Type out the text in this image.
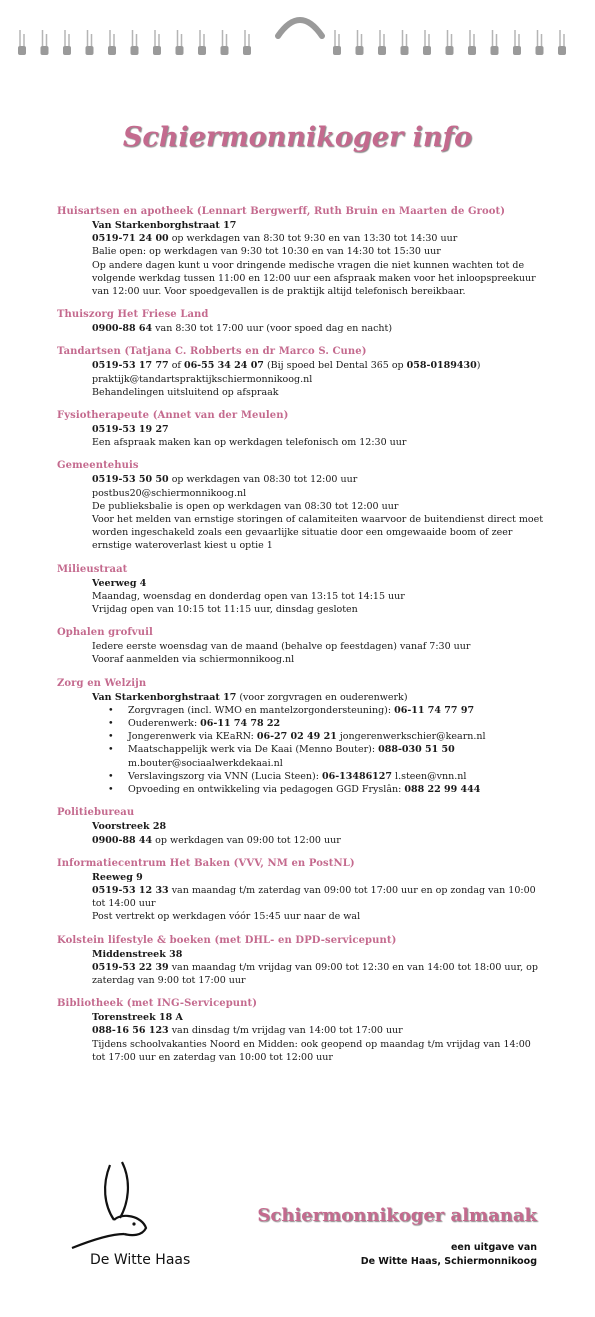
Schiermonnikoger info
Huisartsen en apotheek (Lennart Bergwerff, Ruth Bruin en Maarten de Groot)
Van Starkenborghstraat 17
0519-71 24 00 op werkdagen van 8:30 tot 9:30 en van 13:30 tot 14:30 uur
Balie open: op werkdagen van 9:30 tot 10:30 en van 14:30 tot 15:30 uur
Op andere dagen kunt u voor dringende medische vragen die niet kunnen wachten tot de volgende werkdag tussen 11:00 en 12:00 uur een afspraak maken voor het inloopspreekuur van 12:00 uur. Voor spoedgevallen is de praktijk altijd telefonisch bereikbaar.
Thuiszorg Het Friese Land
0900-88 64 van 8:30 tot 17:00 uur (voor spoed dag en nacht)
Tandartsen (Tatjana C. Robberts en dr Marco S. Cune)
0519-53 17 77 of 06-55 34 24 07 (Bij spoed bel Dental 365 op 058-0189430)
praktijk@tandartspraktijkschiermonnikoog.nl
Behandelingen uitsluitend op afspraak
Fysiotherapeute (Annet van der Meulen)
0519-53 19 27
Een afspraak maken kan op werkdagen telefonisch om 12:30 uur
Gemeentehuis
0519-53 50 50 op werkdagen van 08:30 tot 12:00 uur
postbus20@schiermonnikoog.nl
De publieksbalie is open op werkdagen van 08:30 tot 12:00 uur
Voor het melden van ernstige storingen of calamiteiten waarvoor de buitendienst direct moet worden ingeschakeld zoals een gevaarlijke situatie door een omgewaaide boom of zeer ernstige wateroverlast kiest u optie 1
Milieustraat
Veerweg 4
Maandag, woensdag en donderdag open van 13:15 tot 14:15 uur
Vrijdag open van 10:15 tot 11:15 uur, dinsdag gesloten
Ophalen grofvuil
Iedere eerste woensdag van de maand (behalve op feestdagen) vanaf 7:30 uur
Vooraf aanmelden via schiermonnikoog.nl
Zorg en Welzijn
Van Starkenborghstraat 17 (voor zorgvragen en ouderenwerk)
• Zorgvragen (incl. WMO en mantelzorgondersteuning): 06-11 74 77 97
• Ouderenwerk: 06-11 74 78 22
• Jongerenwerk via KEaRN: 06-27 02 49 21 jongerenwerkschier@kearn.nl
• Maatschappelijk werk via De Kaai (Menno Bouter): 088-030 51 50 m.bouter@sociaalwerkdekaai.nl
• Verslavingszorg via VNN (Lucia Steen): 06-13486127 l.steen@vnn.nl
• Opvoeding en ontwikkeling via pedagogen GGD Fryslân: 088 22 99 444
Politiebureau
Voorstreek 28
0900-88 44 op werkdagen van 09:00 tot 12:00 uur
Informatiecentrum Het Baken (VVV, NM en PostNL)
Reeweg 9
0519-53 12 33 van maandag t/m zaterdag van 09:00 tot 17:00 uur en op zondag van 10:00 tot 14:00 uur
Post vertrekt op werkdagen vóór 15:45 uur naar de wal
Kolstein lifestyle & boeken (met DHL- en DPD-servicepunt)
Middenstreek 38
0519-53 22 39 van maandag t/m vrijdag van 09:00 tot 12:30 en van 14:00 tot 18:00 uur, op zaterdag van 9:00 tot 17:00 uur
Bibliotheek (met ING-Servicepunt)
Torenstreek 18 A
088-16 56 123 van dinsdag t/m vrijdag van 14:00 tot 17:00 uur
Tijdens schoolvakanties Noord en Midden: ook geopend op maandag t/m vrijdag van 14:00 tot 17:00 uur en zaterdag van 10:00 tot 12:00 uur
De Witte Haas
Schiermonnikoger almanak
een uitgave van
De Witte Haas, Schiermonnikoog
